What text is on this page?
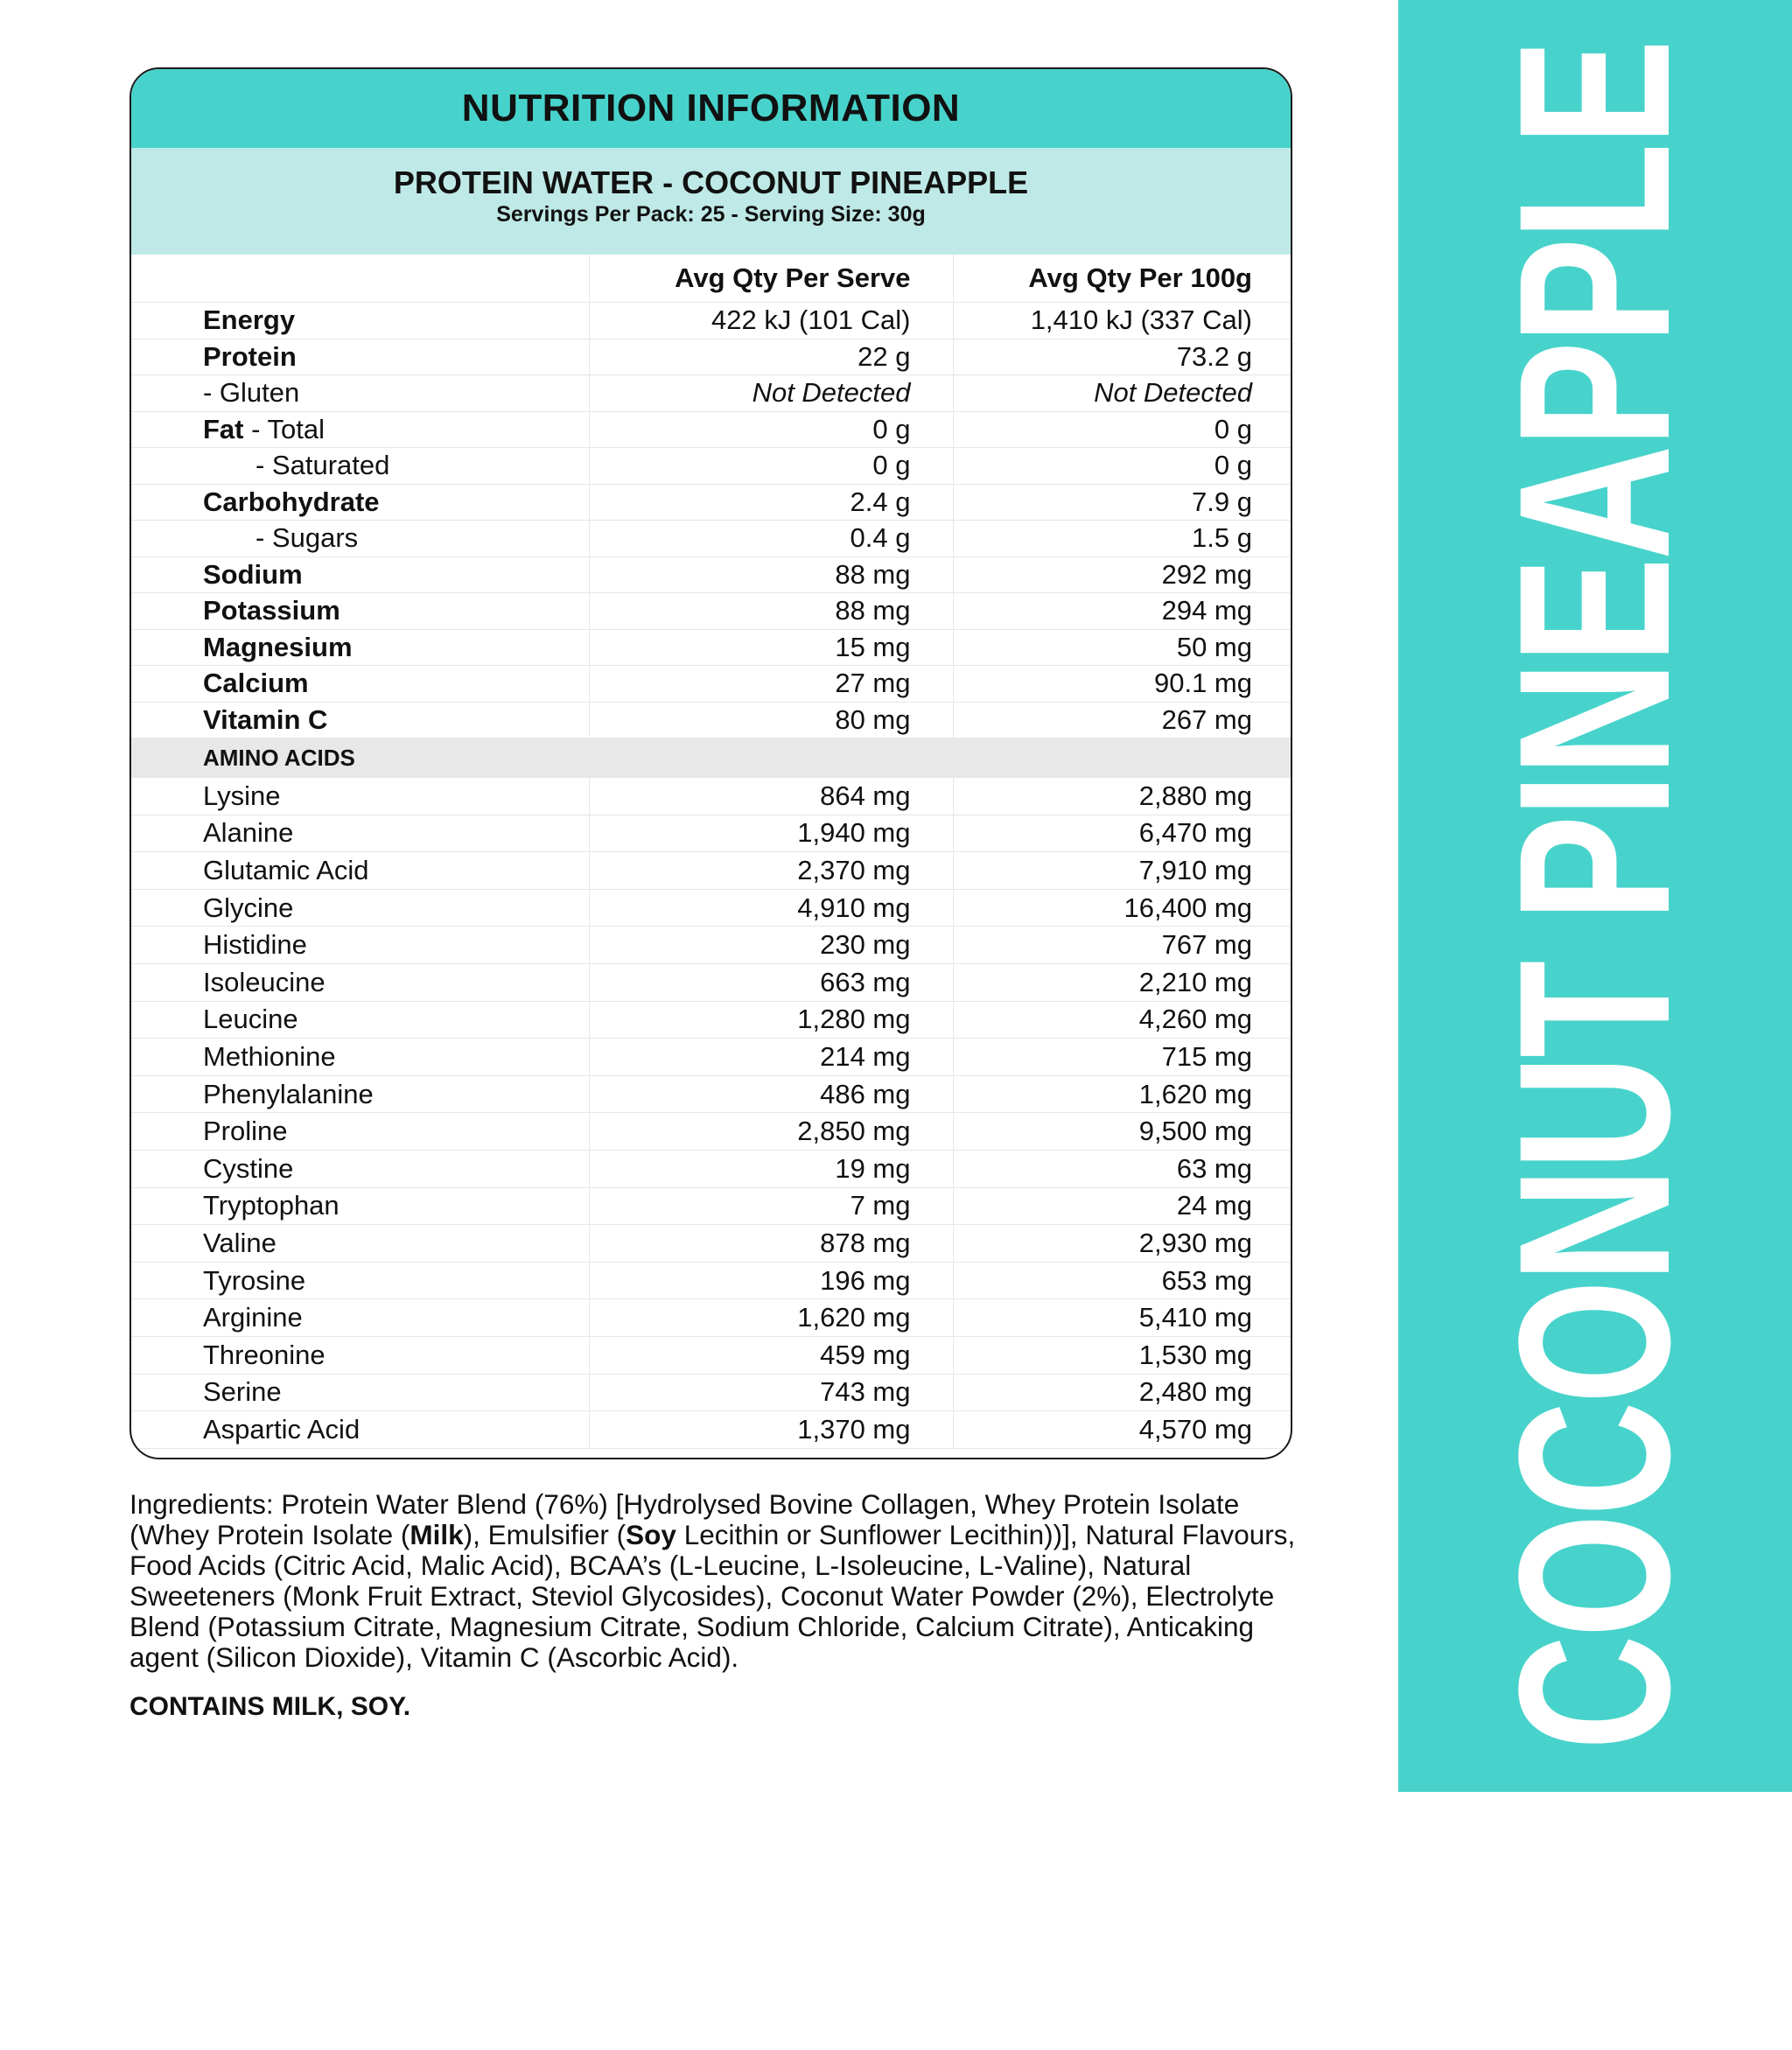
COCONUT PINEAPPLE
NUTRITION INFORMATION
PROTEIN WATER - COCONUT PINEAPPLE
Servings Per Pack: 25 - Serving Size: 30g
	Avg Qty Per Serve	Avg Qty Per 100g
Energy	422 kJ (101 Cal)	1,410 kJ (337 Cal)
Protein	22 g	73.2 g
- Gluten	Not Detected	Not Detected
Fat - Total	0 g	0 g
- Saturated	0 g	0 g
Carbohydrate	2.4 g	7.9 g
- Sugars	0.4 g	1.5 g
Sodium	88 mg	292 mg
Potassium	88 mg	294 mg
Magnesium	15 mg	50 mg
Calcium	27 mg	90.1 mg
Vitamin C	80 mg	267 mg
AMINO ACIDS		
Lysine	864 mg	2,880 mg
Alanine	1,940 mg	6,470 mg
Glutamic Acid	2,370 mg	7,910 mg
Glycine	4,910 mg	16,400 mg
Histidine	230 mg	767 mg
Isoleucine	663 mg	2,210 mg
Leucine	1,280 mg	4,260 mg
Methionine	214 mg	715 mg
Phenylalanine	486 mg	1,620 mg
Proline	2,850 mg	9,500 mg
Cystine	19 mg	63 mg
Tryptophan	7 mg	24 mg
Valine	878 mg	2,930 mg
Tyrosine	196 mg	653 mg
Arginine	1,620 mg	5,410 mg
Threonine	459 mg	1,530 mg
Serine	743 mg	2,480 mg
Aspartic Acid	1,370 mg	4,570 mg
Ingredients: Protein Water Blend (76%) [Hydrolysed Bovine Collagen, Whey Protein Isolate (Whey Protein Isolate (Milk), Emulsifier (Soy Lecithin or Sunflower Lecithin))], Natural Flavours, Food Acids (Citric Acid, Malic Acid), BCAA’s (L-Leucine, L-Isoleucine, L-Valine), Natural Sweeteners (Monk Fruit Extract, Steviol Glycosides), Coconut Water Powder (2%), Electrolyte Blend (Potassium Citrate, Magnesium Citrate, Sodium Chloride, Calcium Citrate), Anticaking agent (Silicon Dioxide), Vitamin C (Ascorbic Acid).
CONTAINS MILK, SOY.
